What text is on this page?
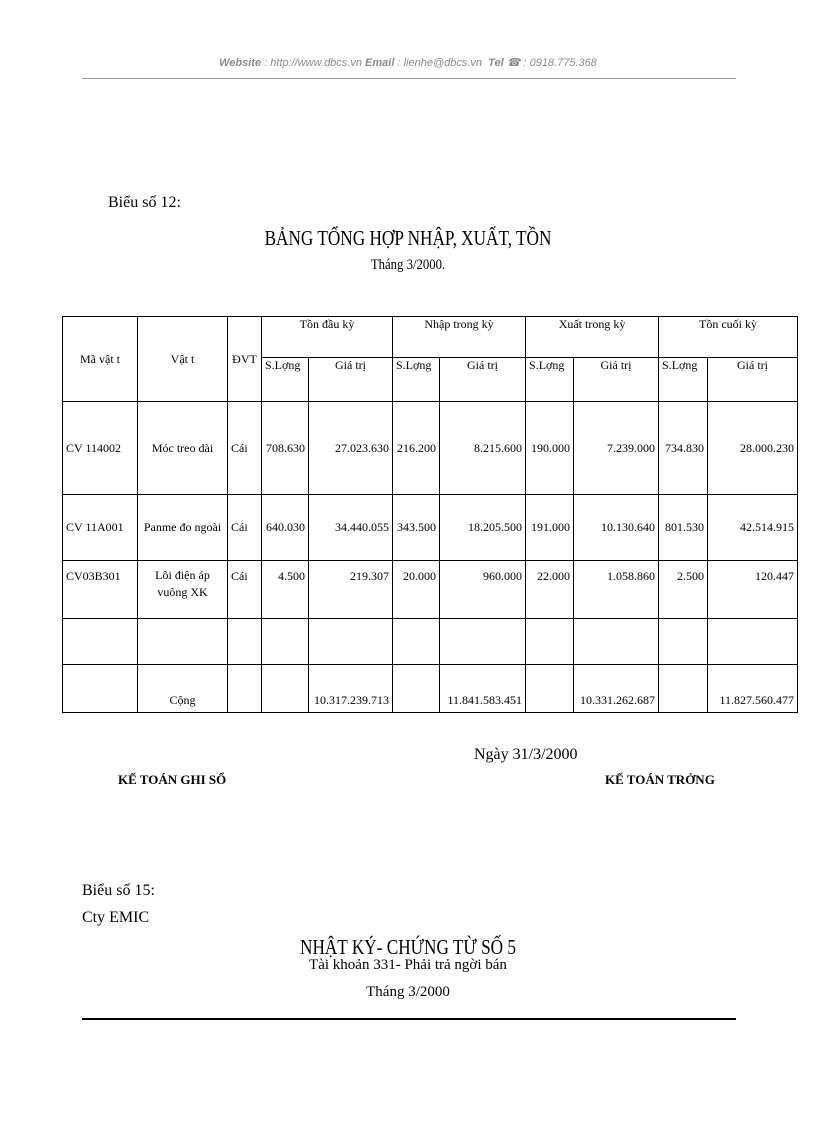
Website : http://www.dbcs.vn Email : lienhe@dbcs.vn Tel ☎ : 0918.775.368
Biểu số 12:
BẢNG TỔNG HỢP NHẬP, XUẤT, TỒN
Tháng 3/2000.
Mã vật t	Vật t	ĐVT	Tồn đầu kỳ		Nhập trong kỳ		Xuất trong kỳ		Tồn cuối kỳ	
			S.Lợng	Giá trị	S.Lợng	Giá trị	S.Lợng	Giá trị	S.Lợng	Giá trị
CV 114002	Móc treo dài	Cái	708.630	27.023.630	216.200	8.215.600	190.000	7.239.000	734.830	28.000.230
CV 11A001	Panme đo ngoài	Cái	640.030	34.440.055	343.500	18.205.500	191.000	10.130.640	801.530	42.514.915
CV03B301	Lõi điện áp vuông XK	Cái	4.500	219.307	20.000	960.000	22.000	1.058.860	2.500	120.447

	Cộng			10.317.239.713		11.841.583.451		10.331.262.687		11.827.560.477
Ngày 31/3/2000
KẾ TOÁN GHI SỔ	KẾ TOÁN TRỞNG
Biểu số 15:
Cty EMIC
NHẬT KÝ- CHỨNG TỪ SỐ 5
Tài khoản 331- Phải trả ngời bán
Tháng 3/2000
